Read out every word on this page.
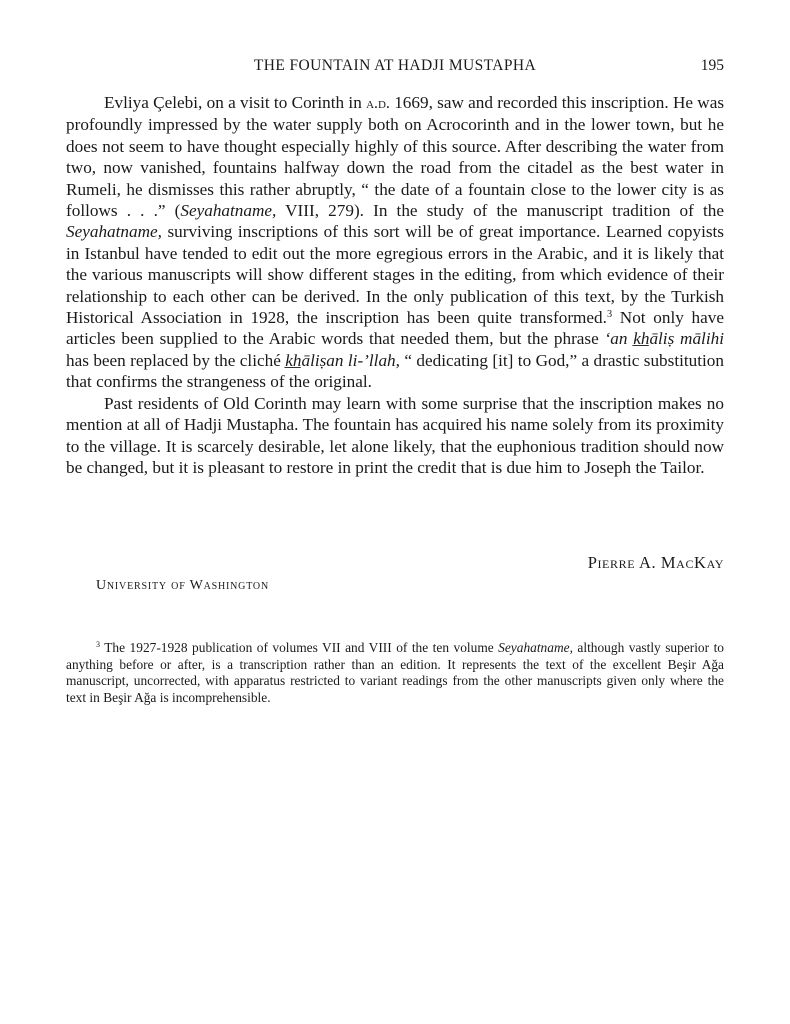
THE FOUNTAIN AT HADJI MUSTAPHA	195

Evliya Çelebi, on a visit to Corinth in a.d. 1669, saw and recorded this inscription. He was profoundly impressed by the water supply both on Acrocorinth and in the lower town, but he does not seem to have thought especially highly of this source. After describing the water from two, now vanished, fountains halfway down the road from the citadel as the best water in Rumeli, he dismisses this rather abruptly, “ the date of a fountain close to the lower city is as follows . . .” (Seyahatname, VIII, 279). In the study of the manuscript tradition of the Seyahatname, surviving inscriptions of this sort will be of great importance. Learned copyists in Istanbul have tended to edit out the more egregious errors in the Arabic, and it is likely that the various manuscripts will show different stages in the editing, from which evidence of their relationship to each other can be derived. In the only publication of this text, by the Turkish Historical Association in 1928, the inscription has been quite transformed.$^3$ Not only have articles been supplied to the Arabic words that needed them, but the phrase ‘an k̲h̲āliṣ mālihi has been replaced by the cliché k̲h̲āliṣan li-’llah, “ dedicating [it] to God,” a drastic substitution that confirms the strangeness of the original.

Past residents of Old Corinth may learn with some surprise that the inscription makes no mention at all of Hadji Mustapha. The fountain has acquired his name solely from its proximity to the village. It is scarcely desirable, let alone likely, that the euphonious tradition should now be changed, but it is pleasant to restore in print the credit that is due him to Joseph the Tailor.

Pierre A. MacKay
University of Washington

$^3$ The 1927-1928 publication of volumes VII and VIII of the ten volume Seyahatname, although vastly superior to anything before or after, is a transcription rather than an edition. It represents the text of the excellent Beşir Ağa manuscript, uncorrected, with apparatus restricted to variant readings from the other manuscripts given only where the text in Beşir Ağa is incomprehensible.
